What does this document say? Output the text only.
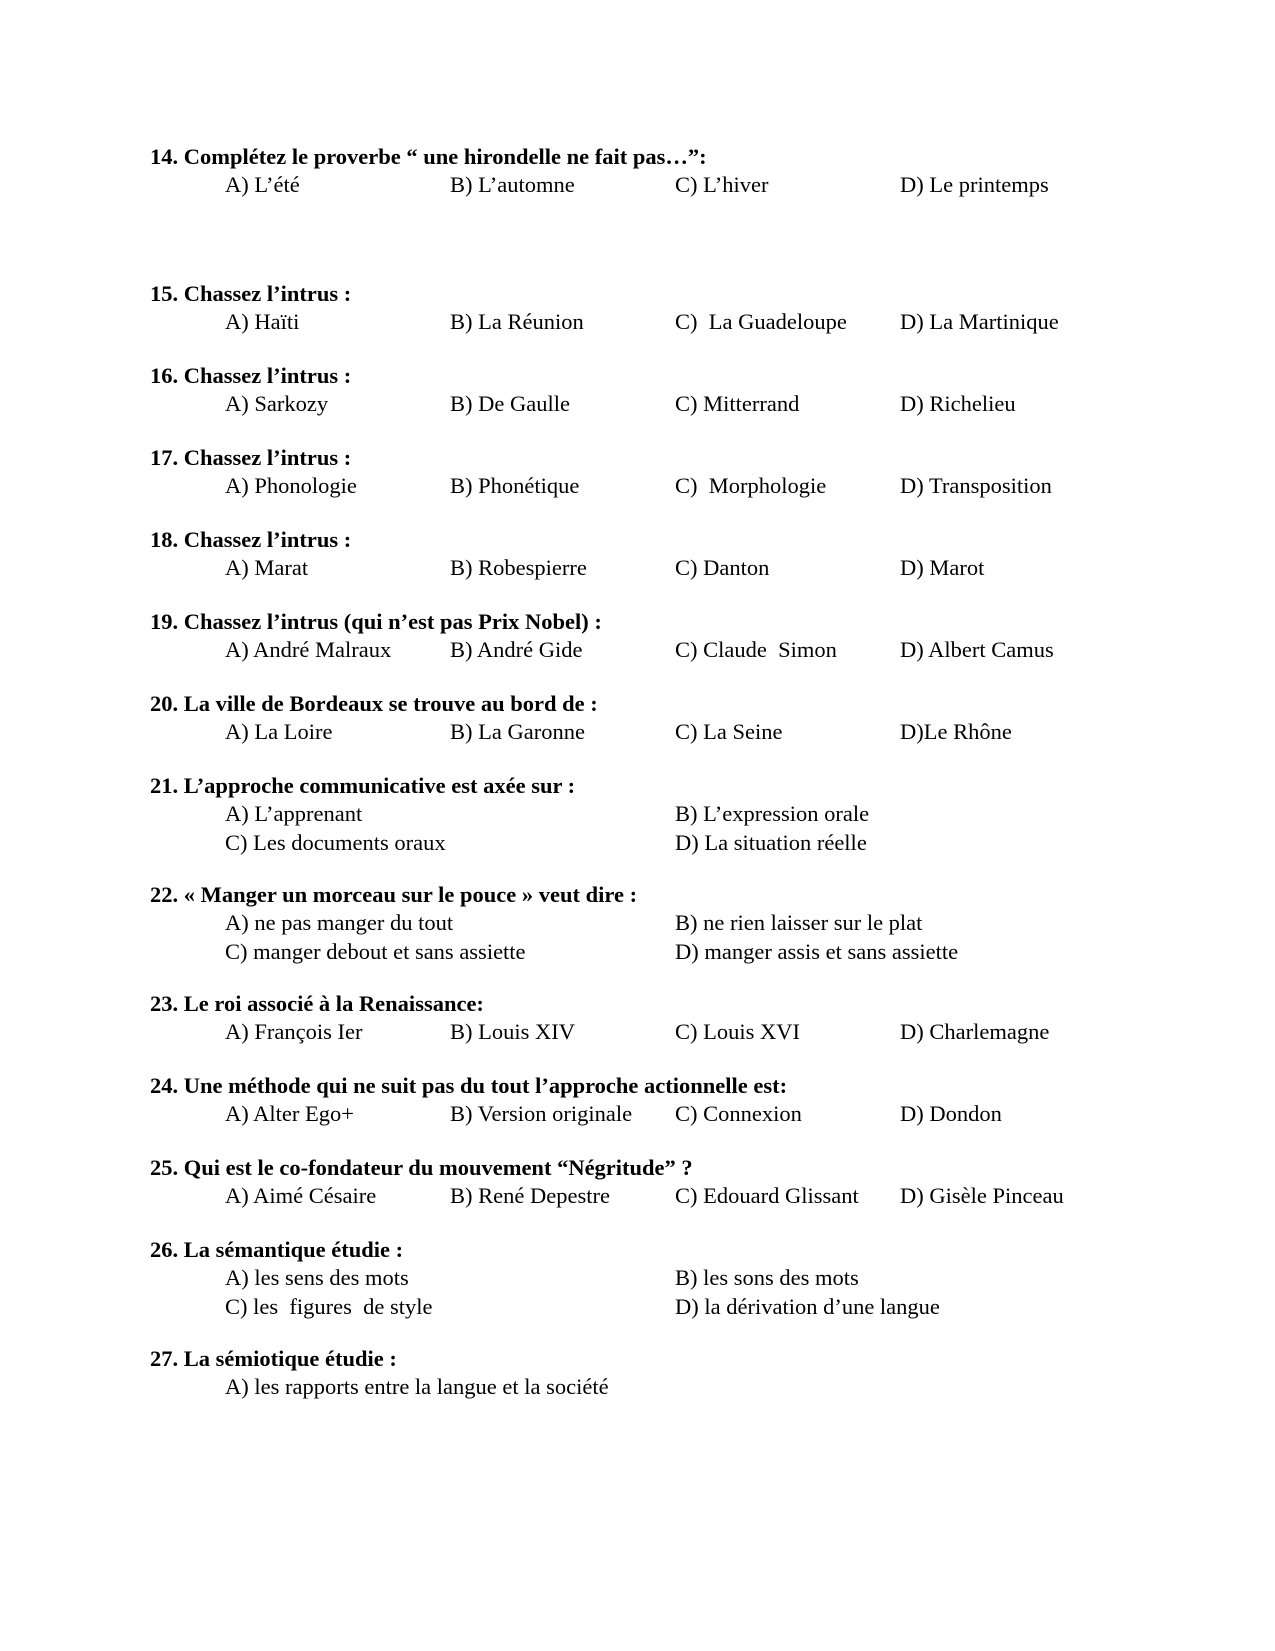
14. Complétez le proverbe “ une hirondelle ne fait pas…”:
A) L’été	B) L’automne	C) L’hiver	D) Le printemps
15. Chassez l’intrus :
A) Haïti	B) La Réunion	C)  La Guadeloupe D) La Martinique
16. Chassez l’intrus :
A) Sarkozy	B) De Gaulle	C) Mitterrand	D) Richelieu
17. Chassez l’intrus :
A) Phonologie	B) Phonétique	C)  Morphologie	D) Transposition
18. Chassez l’intrus :
A) Marat	B) Robespierre	C) Danton	D) Marot
19. Chassez l’intrus (qui n’est pas Prix Nobel) :
A) André Malraux	B) André Gide	C) Claude  Simon	D) Albert Camus
20. La ville de Bordeaux se trouve au bord de :
A) La Loire	B) La Garonne	C) La Seine	D)Le Rhône
21. L’approche communicative est axée sur :
A) L’apprenant	B) L’expression orale
C) Les documents oraux	D) La situation réelle
22. « Manger un morceau sur le pouce » veut dire :
A) ne pas manger du tout	B) ne rien laisser sur le plat
C) manger debout et sans assiette	D) manger assis et sans assiette
23. Le roi associé à la Renaissance:
A) François Ier	B) Louis XIV	C) Louis XVI	D) Charlemagne
24. Une méthode qui ne suit pas du tout l’approche actionnelle est:
A) Alter Ego+	B) Version originale C) Connexion	D) Dondon
25. Qui est le co-fondateur du mouvement “Négritude” ?
A) Aimé Césaire	B) René Depestre	C) Edouard Glissant D) Gisèle Pinceau
26. La sémantique étudie :
A) les sens des mots	B) les sons des mots
C) les  figures  de style	D) la dérivation d’une langue
27. La sémiotique étudie :
A) les rapports entre la langue et la société
